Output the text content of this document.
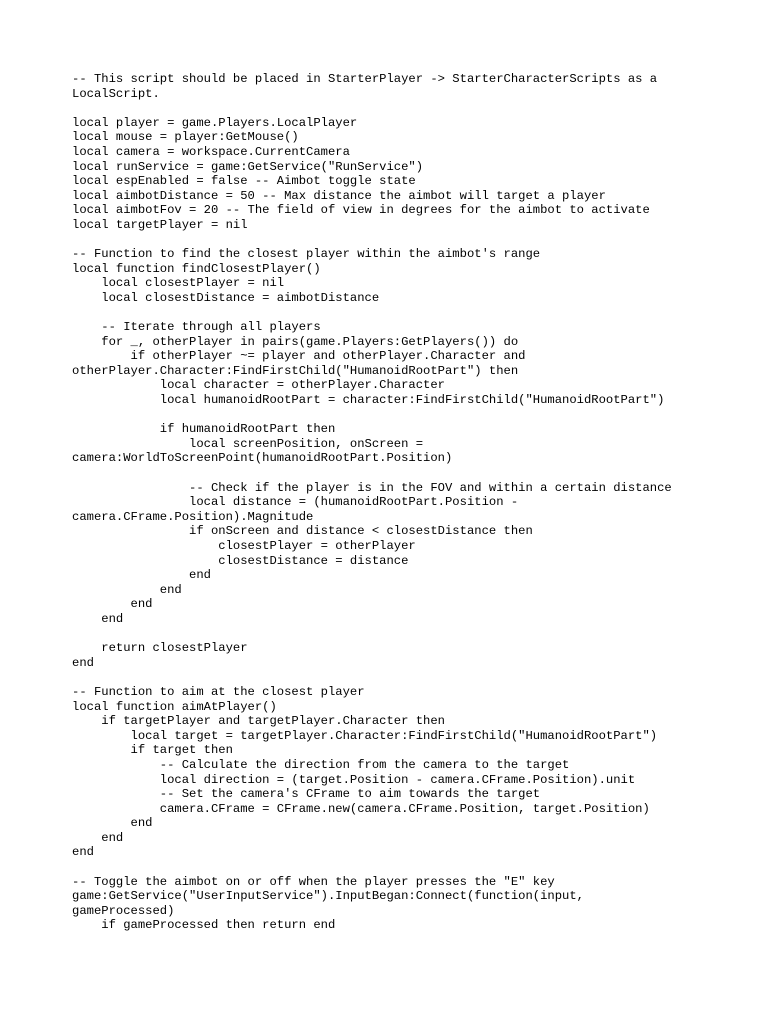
-- This script should be placed in StarterPlayer -> StarterCharacterScripts as a
LocalScript.
local player = game.Players.LocalPlayer
local mouse = player:GetMouse()
local camera = workspace.CurrentCamera
local runService = game:GetService("RunService")
local espEnabled = false -- Aimbot toggle state
local aimbotDistance = 50 -- Max distance the aimbot will target a player
local aimbotFov = 20 -- The field of view in degrees for the aimbot to activate
local targetPlayer = nil
-- Function to find the closest player within the aimbot's range
local function findClosestPlayer()
local closestPlayer = nil
local closestDistance = aimbotDistance
-- Iterate through all players
for _, otherPlayer in pairs(game.Players:GetPlayers()) do
if otherPlayer ~= player and otherPlayer.Character and
otherPlayer.Character:FindFirstChild("HumanoidRootPart") then
local character = otherPlayer.Character
local humanoidRootPart = character:FindFirstChild("HumanoidRootPart")
if humanoidRootPart then
local screenPosition, onScreen =
camera:WorldToScreenPoint(humanoidRootPart.Position)
-- Check if the player is in the FOV and within a certain distance
local distance = (humanoidRootPart.Position -
camera.CFrame.Position).Magnitude
if onScreen and distance < closestDistance then
closestPlayer = otherPlayer
closestDistance = distance
end
end
end
end
return closestPlayer
end
-- Function to aim at the closest player
local function aimAtPlayer()
if targetPlayer and targetPlayer.Character then
local target = targetPlayer.Character:FindFirstChild("HumanoidRootPart")
if target then
-- Calculate the direction from the camera to the target
local direction = (target.Position - camera.CFrame.Position).unit
-- Set the camera's CFrame to aim towards the target
camera.CFrame = CFrame.new(camera.CFrame.Position, target.Position)
end
end
end
-- Toggle the aimbot on or off when the player presses the "E" key
game:GetService("UserInputService").InputBegan:Connect(function(input,
gameProcessed)
if gameProcessed then return end
